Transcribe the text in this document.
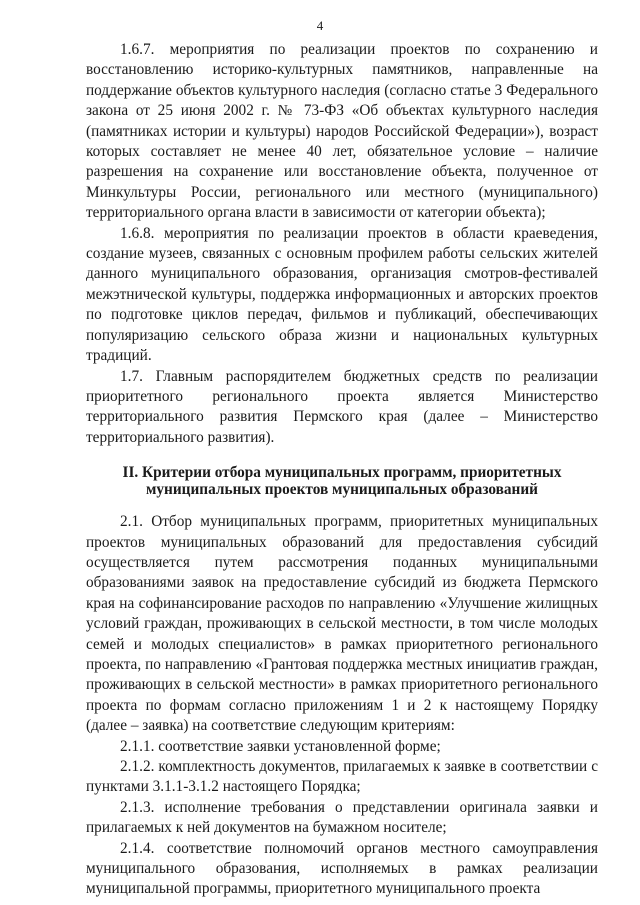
4

1.6.7. мероприятия по реализации проектов по сохранению и восстановлению историко-культурных памятников, направленные на поддержание объектов культурного наследия (согласно статье 3 Федерального закона от 25 июня 2002 г. № 73-ФЗ «Об объектах культурного наследия (памятниках истории и культуры) народов Российской Федерации»), возраст которых составляет не менее 40 лет, обязательное условие – наличие разрешения на сохранение или восстановление объекта, полученное от Минкультуры России, регионального или местного (муниципального) территориального органа власти в зависимости от категории объекта);

1.6.8. мероприятия по реализации проектов в области краеведения, создание музеев, связанных с основным профилем работы сельских жителей данного муниципального образования, организация смотров-фестивалей межэтнической культуры, поддержка информационных и авторских проектов по подготовке циклов передач, фильмов и публикаций, обеспечивающих популяризацию сельского образа жизни и национальных культурных традиций.

1.7. Главным распорядителем бюджетных средств по реализации приоритетного регионального проекта является Министерство территориального развития Пермского края (далее – Министерство территориального развития).

II. Критерии отбора муниципальных программ, приоритетных
муниципальных проектов муниципальных образований

2.1. Отбор муниципальных программ, приоритетных муниципальных проектов муниципальных образований для предоставления субсидий осуществляется путем рассмотрения поданных муниципальными образованиями заявок на предоставление субсидий из бюджета Пермского края на софинансирование расходов по направлению «Улучшение жилищных условий граждан, проживающих в сельской местности, в том числе молодых семей и молодых специалистов» в рамках приоритетного регионального проекта, по направлению «Грантовая поддержка местных инициатив граждан, проживающих в сельской местности» в рамках приоритетного регионального проекта по формам согласно приложениям 1 и 2 к настоящему Порядку (далее – заявка) на соответствие следующим критериям:

2.1.1. соответствие заявки установленной форме;

2.1.2. комплектность документов, прилагаемых к заявке в соответствии с пунктами 3.1.1-3.1.2 настоящего Порядка;

2.1.3. исполнение требования о представлении оригинала заявки и прилагаемых к ней документов на бумажном носителе;

2.1.4. соответствие полномочий органов местного самоуправления муниципального образования, исполняемых в рамках реализации муниципальной программы, приоритетного муниципального проекта
